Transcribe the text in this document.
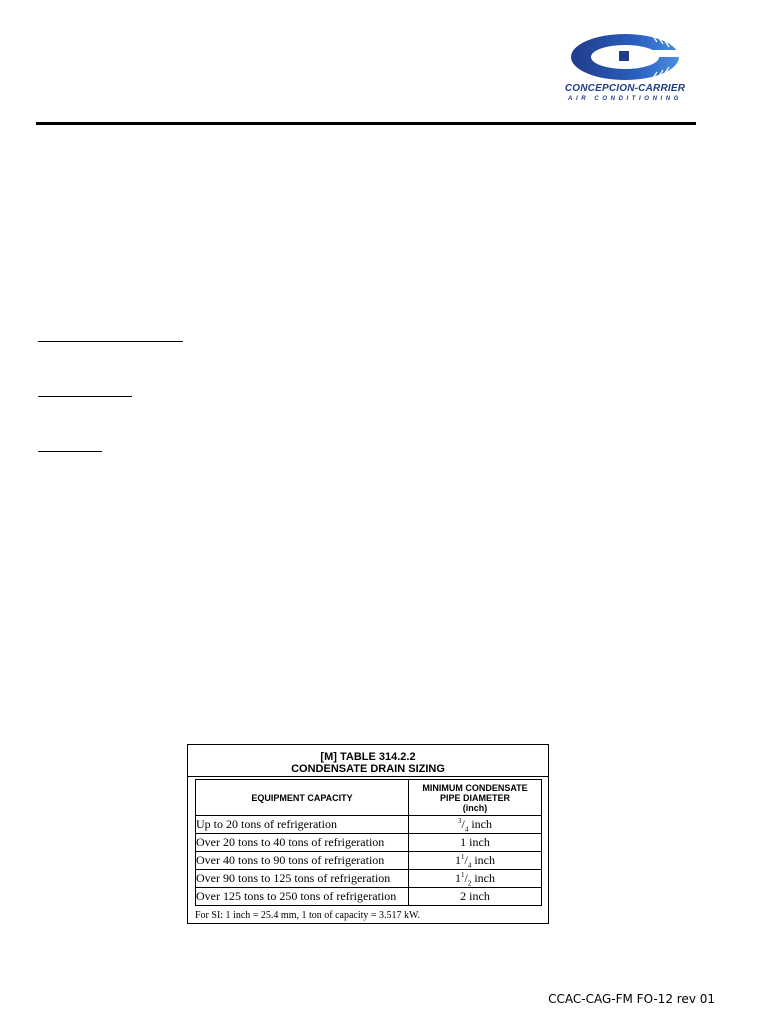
CONCEPCION-CARRIER
AIR CONDITIONING
[M] TABLE 314.2.2
CONDENSATE DRAIN SIZING
EQUIPMENT CAPACITY	MINIMUM CONDENSATE
PIPE DIAMETER
(inch)

Up to 20 tons of refrigeration	$^3/_4$ inch
Over 20 tons to 40 tons of refrigeration	1 inch
Over 40 tons to 90 tons of refrigeration	$1^1/_4$ inch
Over 90 tons to 125 tons of refrigeration	$1^1/_2$ inch
Over 125 tons to 250 tons of refrigeration	2 inch
For SI: 1 inch = 25.4 mm, 1 ton of capacity = 3.517 kW.
CCAC-CAG-FM FO-12 rev 01
